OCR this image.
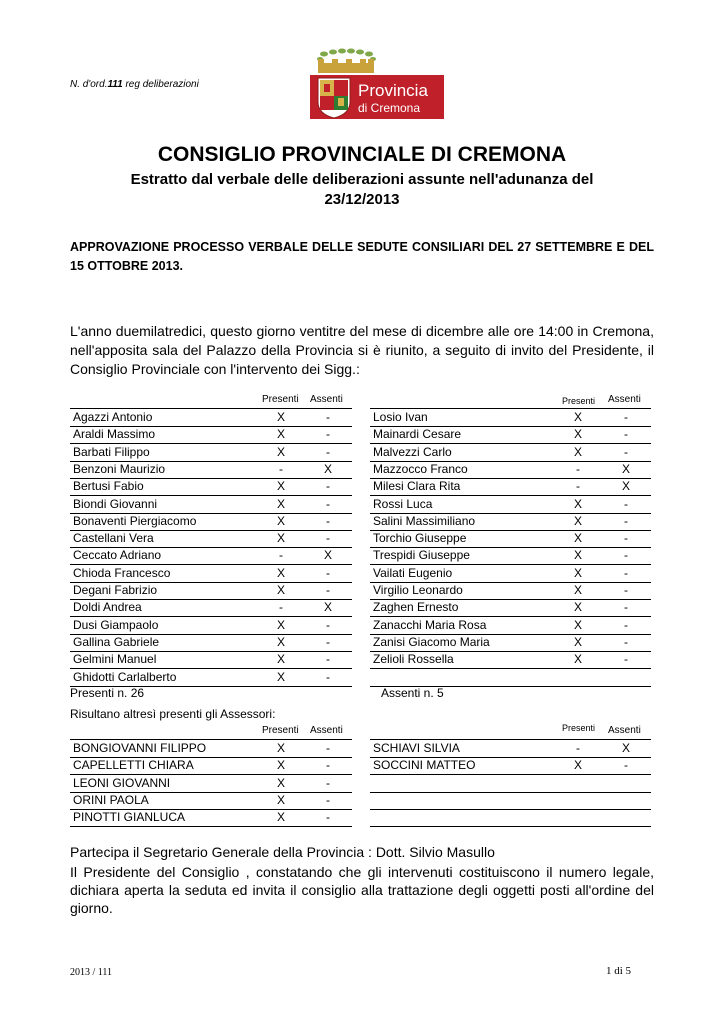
N. d'ord.111 reg deliberazioni	Provincia
di Cremona
CONSIGLIO PROVINCIALE DI CREMONA
Estratto dal verbale delle deliberazioni assunte nell'adunanza del
23/12/2013
APPROVAZIONE PROCESSO VERBALE DELLE SEDUTE CONSILIARI DEL 27 SETTEMBRE E DEL 15 OTTOBRE 2013.
L'anno duemilatredici, questo giorno ventitre del mese di dicembre alle ore 14:00 in Cremona, nell'apposita sala del Palazzo della Provincia si è riunito, a seguito di invito del Presidente, il Consiglio Provinciale con l'intervento dei Sigg.:
Presenti Assenti	Presenti Assenti
Agazzi Antonio	X	-
Araldi Massimo	X	-
Barbati Filippo	X	-
Benzoni Maurizio	-	X
Bertusi Fabio	X	-
Biondi Giovanni	X	-
Bonaventi Piergiacomo	X	-
Castellani Vera	X	-
Ceccato Adriano	-	X
Chioda Francesco	X	-
Degani Fabrizio	X	-
Doldi Andrea	-	X
Dusi Giampaolo	X	-
Gallina Gabriele	X	-
Gelmini Manuel	X	-
Ghidotti Carlalberto	X	-
Losio Ivan	X	-
Mainardi Cesare	X	-
Malvezzi Carlo	X	-
Mazzocco Franco	-	X
Milesi Clara Rita	-	X
Rossi Luca	X	-
Salini Massimiliano	X	-
Torchio Giuseppe	X	-
Trespidi Giuseppe	X	-
Vailati Eugenio	X	-
Virgilio Leonardo	X	-
Zaghen Ernesto	X	-
Zanacchi Maria Rosa	X	-
Zanisi Giacomo Maria	X	-
Zelioli Rossella	X	-
Presenti n. 26	Assenti n. 5
Risultano altresì presenti gli Assessori:
Presenti Assenti	Presenti Assenti
BONGIOVANNI FILIPPO	X	-
CAPELLETTI CHIARA	X	-
LEONI GIOVANNI	X	-
ORINI PAOLA	X	-
PINOTTI GIANLUCA	X	-
SCHIAVI SILVIA	-	X
SOCCINI MATTEO	X	-
Partecipa il Segretario Generale della Provincia : Dott. Silvio Masullo
Il Presidente del Consiglio , constatando che gli intervenuti costituiscono il numero legale, dichiara aperta la seduta ed invita il consiglio alla trattazione degli oggetti posti all'ordine del giorno.
2013 / 111	1 di 5
